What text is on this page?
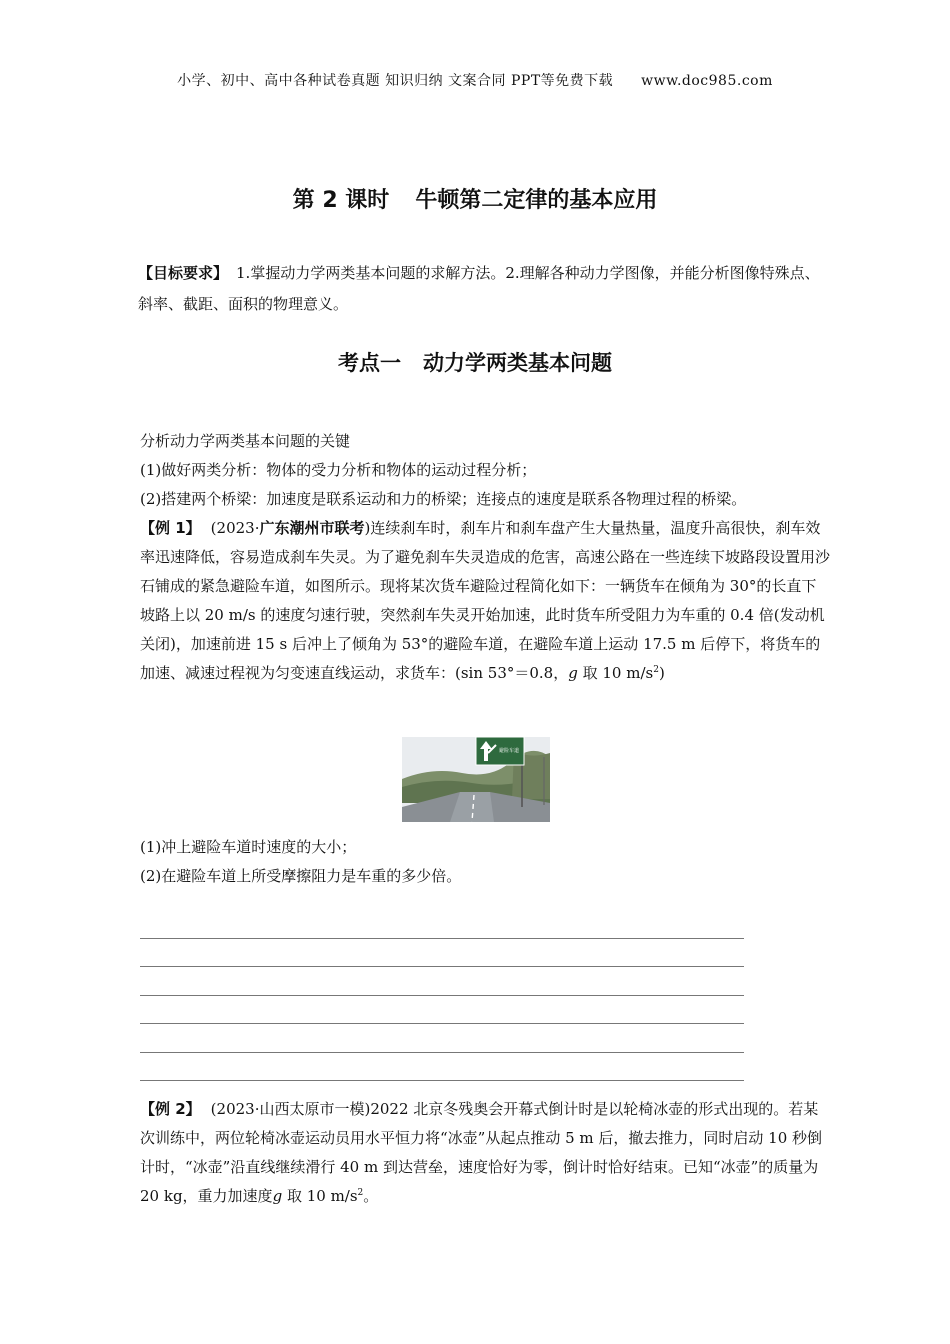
小学、初中、高中各种试卷真题 知识归纳 文案合同 PPT等免费下载 www.doc985.com
第 2 课时 牛顿第二定律的基本应用
【目标要求】 1.掌握动力学两类基本问题的求解方法。2.理解各种动力学图像，并能分析图像特殊点、斜率、截距、面积的物理意义。
考点一 动力学两类基本问题

分析动力学两类基本问题的关键

(1)做好两类分析：物体的受力分析和物体的运动过程分析；

(2)搭建两个桥梁：加速度是联系运动和力的桥梁；连接点的速度是联系各物理过程的桥梁。

【例 1】 (2023·广东潮州市联考)连续刹车时，刹车片和刹车盘产生大量热量，温度升高很快，刹车效率迅速降低，容易造成刹车失灵。为了避免刹车失灵造成的危害，高速公路在一些连续下坡路段设置用沙石铺成的紧急避险车道，如图所示。现将某次货车避险过程简化如下：一辆货车在倾角为 30°的长直下坡路上以 20 m/s 的速度匀速行驶，突然刹车失灵开始加速，此时货车所受阻力为车重的 0.4 倍(发动机关闭)，加速前进 15 s 后冲上了倾角为 53°的避险车道，在避险车道上运动 17.5 m 后停下，将货车的加速、减速过程视为匀变速直线运动，求货车：(sin 53°＝0.8，g 取 10 $m/s^2$)

避险车道

(1)冲上避险车道时速度的大小；

(2)在避险车道上所受摩擦阻力是车重的多少倍。

【例 2】 (2023·山西太原市一模)2022 北京冬残奥会开幕式倒计时是以轮椅冰壶的形式出现的。若某次训练中，两位轮椅冰壶运动员用水平恒力将“冰壶”从起点推动 5 m 后，撤去推力，同时启动 10 秒倒计时，“冰壶”沿直线继续滑行 40 m 到达营垒，速度恰好为零，倒计时恰好结束。已知“冰壶”的质量为 20 kg，重力加速度g 取 10 $m/s^2$。
